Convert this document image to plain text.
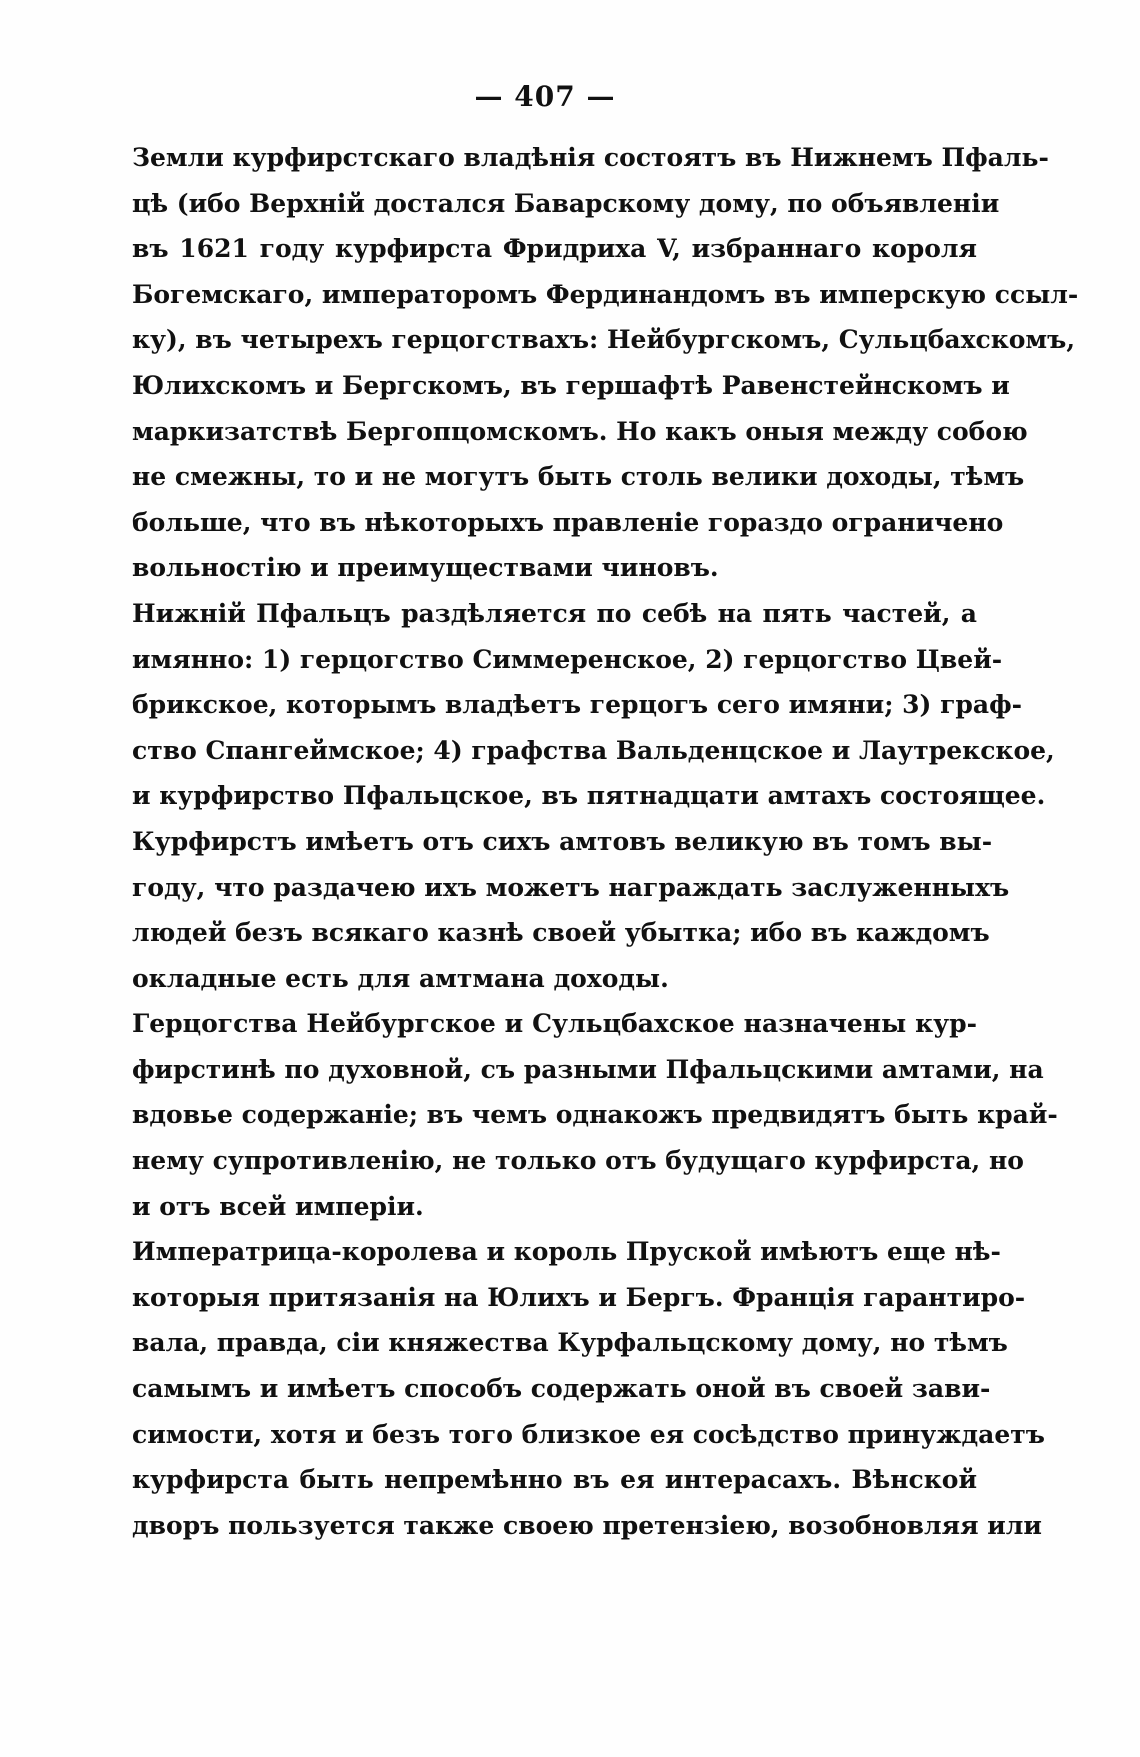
— 407 —
Земли курфирстскаго владѣнія состоятъ въ Нижнемъ Пфаль-
цѣ (ибо Верхній достался Баварскому дому, по объявленіи
въ 1621 году курфирста Фридриха V, избраннаго короля
Богемскаго, императоромъ Фердинандомъ въ имперскую ссыл-
ку), въ четырехъ герцогствахъ: Нейбургскомъ, Сульцбахскомъ,
Юлихскомъ и Бергскомъ, въ гершафтѣ Равенстейнскомъ и
маркизатствѣ Бергопцомскомъ. Но какъ оныя между собою
не смежны, то и не могутъ быть столь велики доходы, тѣмъ
больше, что въ нѣкоторыхъ правленіе гораздо ограничено
вольностію и преимуществами чиновъ.
Нижній Пфальцъ раздѣляется по себѣ на пять частей, а
имянно: 1) герцогство Симмеренское, 2) герцогство Цвей-
брикское, которымъ владѣетъ герцогъ сего имяни; 3) граф-
ство Спангеймское; 4) графства Вальденцское и Лаутрекское,
и курфирство Пфальцское, въ пятнадцати амтахъ состоящее.
Курфирстъ имѣетъ отъ сихъ амтовъ великую въ томъ вы-
году, что раздачею ихъ можетъ награждать заслуженныхъ
людей безъ всякаго казнѣ своей убытка; ибо въ каждомъ
окладные есть для амтмана доходы.
Герцогства Нейбургское и Сульцбахское назначены кур-
фирстинѣ по духовной, съ разными Пфальцскими амтами, на
вдовье содержаніе; въ чемъ однакожъ предвидятъ быть край-
нему супротивленію, не только отъ будущаго курфирста, но
и отъ всей имперіи.
Императрица-королева и король Пруской имѣютъ еще нѣ-
которыя притязанія на Юлихъ и Бергъ. Францiя гарантиро-
вала, правда, сіи княжества Курфальцскому дому, но тѣмъ
самымъ и имѣетъ способъ содержать оной въ своей зави-
симости, хотя и безъ того близкое ея сосѣдство принуждаетъ
курфирста быть непремѣнно въ ея интерасахъ. Вѣнской
дворъ пользуется также своею претензіею, возобновляя или
